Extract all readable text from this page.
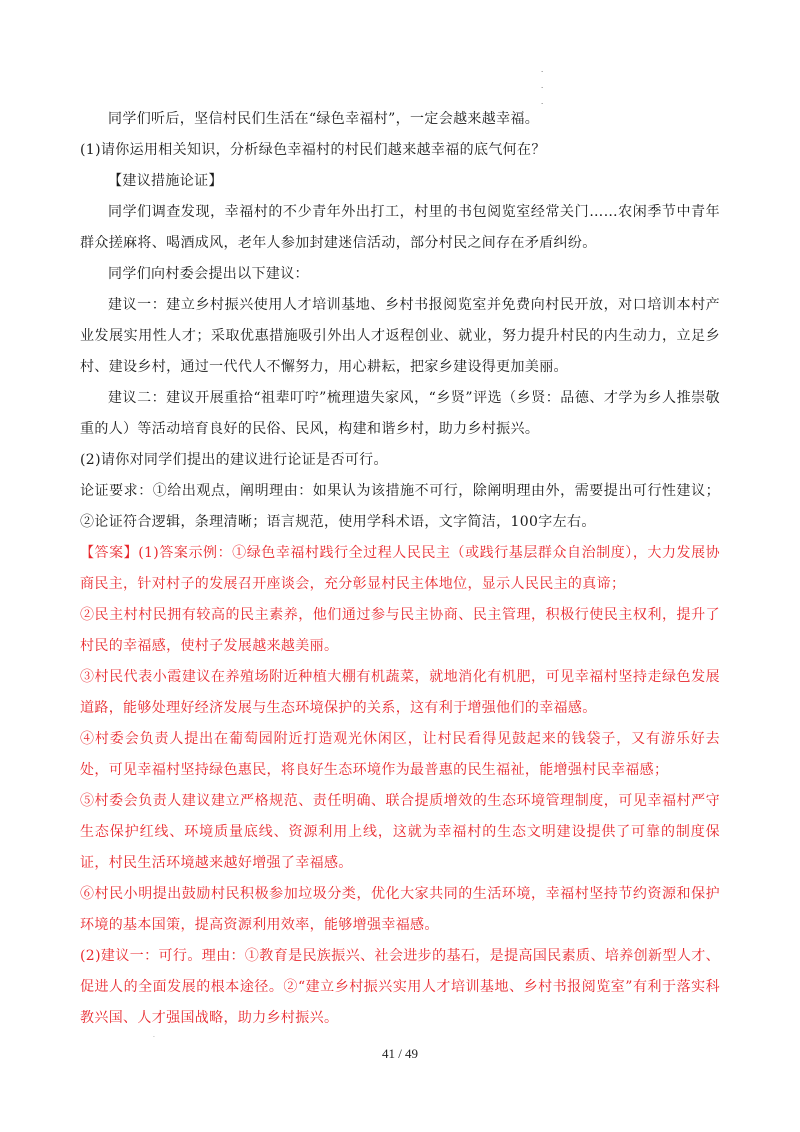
·
·
·

同学们听后，坚信村民们生活在“绿色幸福村”，一定会越来越幸福。

(1)请你运用相关知识，分析绿色幸福村的村民们越来越幸福的底气何在？

【建议措施论证】

同学们调查发现，幸福村的不少青年外出打工，村里的书包阅览室经常关门……农闲季节中青年群众搓麻将、喝酒成风，老年人参加封建迷信活动，部分村民之间存在矛盾纠纷。

同学们向村委会提出以下建议：

建议一：建立乡村振兴使用人才培训基地、乡村书报阅览室并免费向村民开放，对口培训本村产业发展实用性人才；采取优惠措施吸引外出人才返程创业、就业，努力提升村民的内生动力，立足乡村、建设乡村，通过一代代人不懈努力，用心耕耘，把家乡建设得更加美丽。

建议二：建议开展重拾“祖辈叮咛”梳理遗失家风，“乡贤”评选（乡贤：品德、才学为乡人推崇敬重的人）等活动培育良好的民俗、民风，构建和谐乡村，助力乡村振兴。

(2)请你对同学们提出的建议进行论证是否可行。

论证要求：①给出观点，阐明理由：如果认为该措施不可行，除阐明理由外，需要提出可行性建议；②论证符合逻辑，条理清晰；语言规范，使用学科术语，文字简洁，100字左右。

【答案】(1)答案示例：①绿色幸福村践行全过程人民民主（或践行基层群众自治制度），大力发展协商民主，针对村子的发展召开座谈会，充分彰显村民主体地位，显示人民民主的真谛；

②民主村村民拥有较高的民主素养，他们通过参与民主协商、民主管理，积极行使民主权利，提升了村民的幸福感，使村子发展越来越美丽。

③村民代表小霞建议在养殖场附近种植大棚有机蔬菜，就地消化有机肥，可见幸福村坚持走绿色发展道路，能够处理好经济发展与生态环境保护的关系，这有利于增强他们的幸福感。

④村委会负责人提出在葡萄园附近打造观光休闲区，让村民看得见鼓起来的钱袋子，又有游乐好去处，可见幸福村坚持绿色惠民，将良好生态环境作为最普惠的民生福祉，能增强村民幸福感；

⑤村委会负责人建议建立严格规范、责任明确、联合提质增效的生态环境管理制度，可见幸福村严守生态保护红线、环境质量底线、资源利用上线，这就为幸福村的生态文明建设提供了可靠的制度保证，村民生活环境越来越好增强了幸福感。

⑥村民小明提出鼓励村民积极参加垃圾分类，优化大家共同的生活环境，幸福村坚持节约资源和保护环境的基本国策，提高资源利用效率，能够增强幸福感。

(2)建议一：可行。理由：①教育是民族振兴、社会进步的基石，是提高国民素质、培养创新型人才、促进人的全面发展的根本途径。②“建立乡村振兴实用人才培训基地、乡村书报阅览室”有利于落实科教兴国、人才强国战略，助力乡村振兴。

·
41 / 49
